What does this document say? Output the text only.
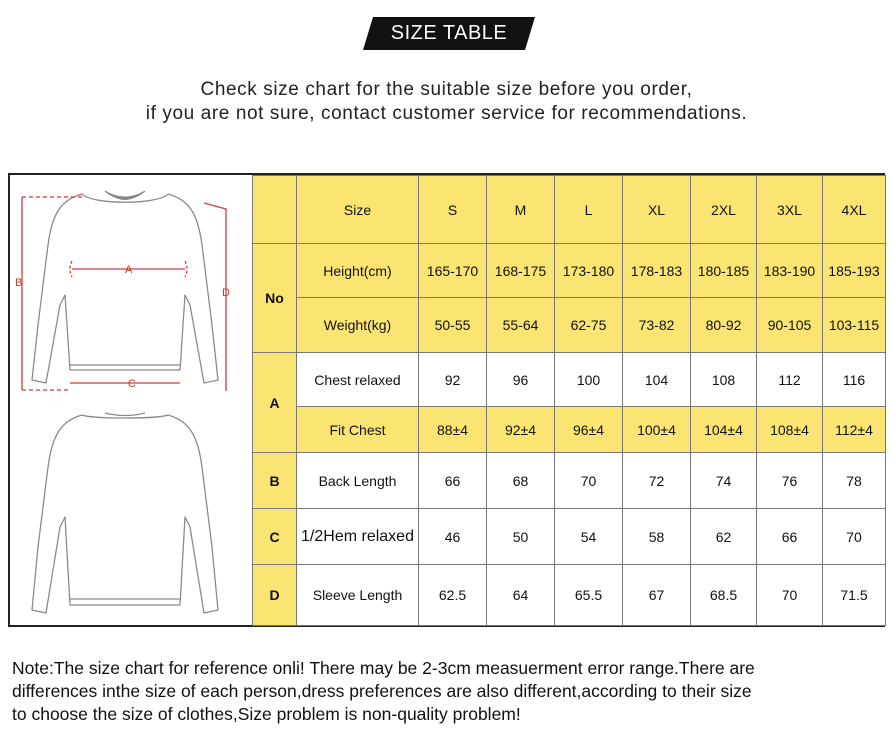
SIZE TABLE
Check size chart for the suitable size before you order,
if you are not sure, contact customer service for recommendations.
B
A
C
D
	Size	S	M	L	XL	2XL	3XL	4XL
No	Height(cm)	165-170	168-175	173-180	178-183	180-185	183-190	185-193
	Weight(kg)	50-55	55-64	62-75	73-82	80-92	90-105	103-115
A	Chest relaxed	92	96	100	104	108	112	116
	Fit Chest	88±4	92±4	96±4	100±4	104±4	108±4	112±4
B	Back Length	66	68	70	72	74	76	78
C	1/2Hem relaxed	46	50	54	58	62	66	70
D	Sleeve Length	62.5	64	65.5	67	68.5	70	71.5
Note:The size chart for reference onli! There may be 2-3cm measuerment error range.There are
differences inthe size of each person,dress preferences are also different,according to their size
to choose the size of clothes,Size problem is non-quality problem!
